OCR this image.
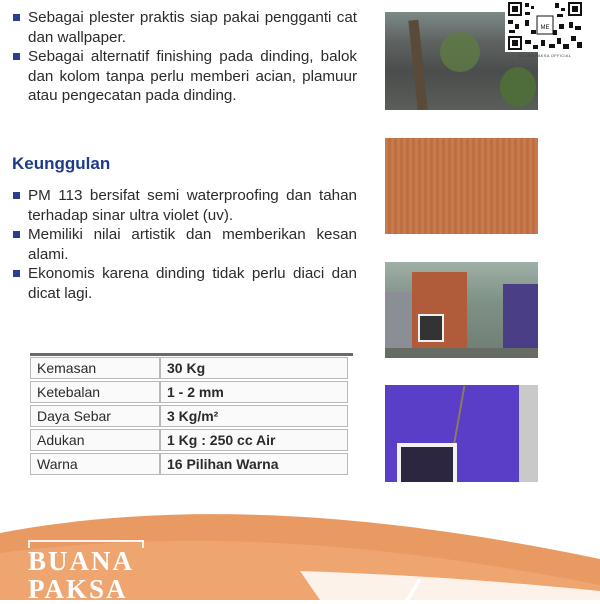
Sebagai plester praktis siap pakai pengganti cat dan wallpaper.
Sebagai alternatif finishing pada dinding, balok dan kolom tanpa perlu memberi acian, plamuur atau pengecatan pada dinding.
Keunggulan
PM 113 bersifat semi waterproofing dan tahan terhadap sinar ultra violet (uv).
Memiliki nilai artistik dan memberikan kesan alami.
Ekonomis karena dinding tidak perlu diaci dan dicat lagi.
Kemasan	30 Kg
Ketebalan	1 - 2 mm
Daya Sebar	3 Kg/m²
Adukan	1 Kg : 250 cc Air
Warna	16 Pilihan Warna
ME
BUANA PAKSA OFFICIAL
BUANA
PAKSA
